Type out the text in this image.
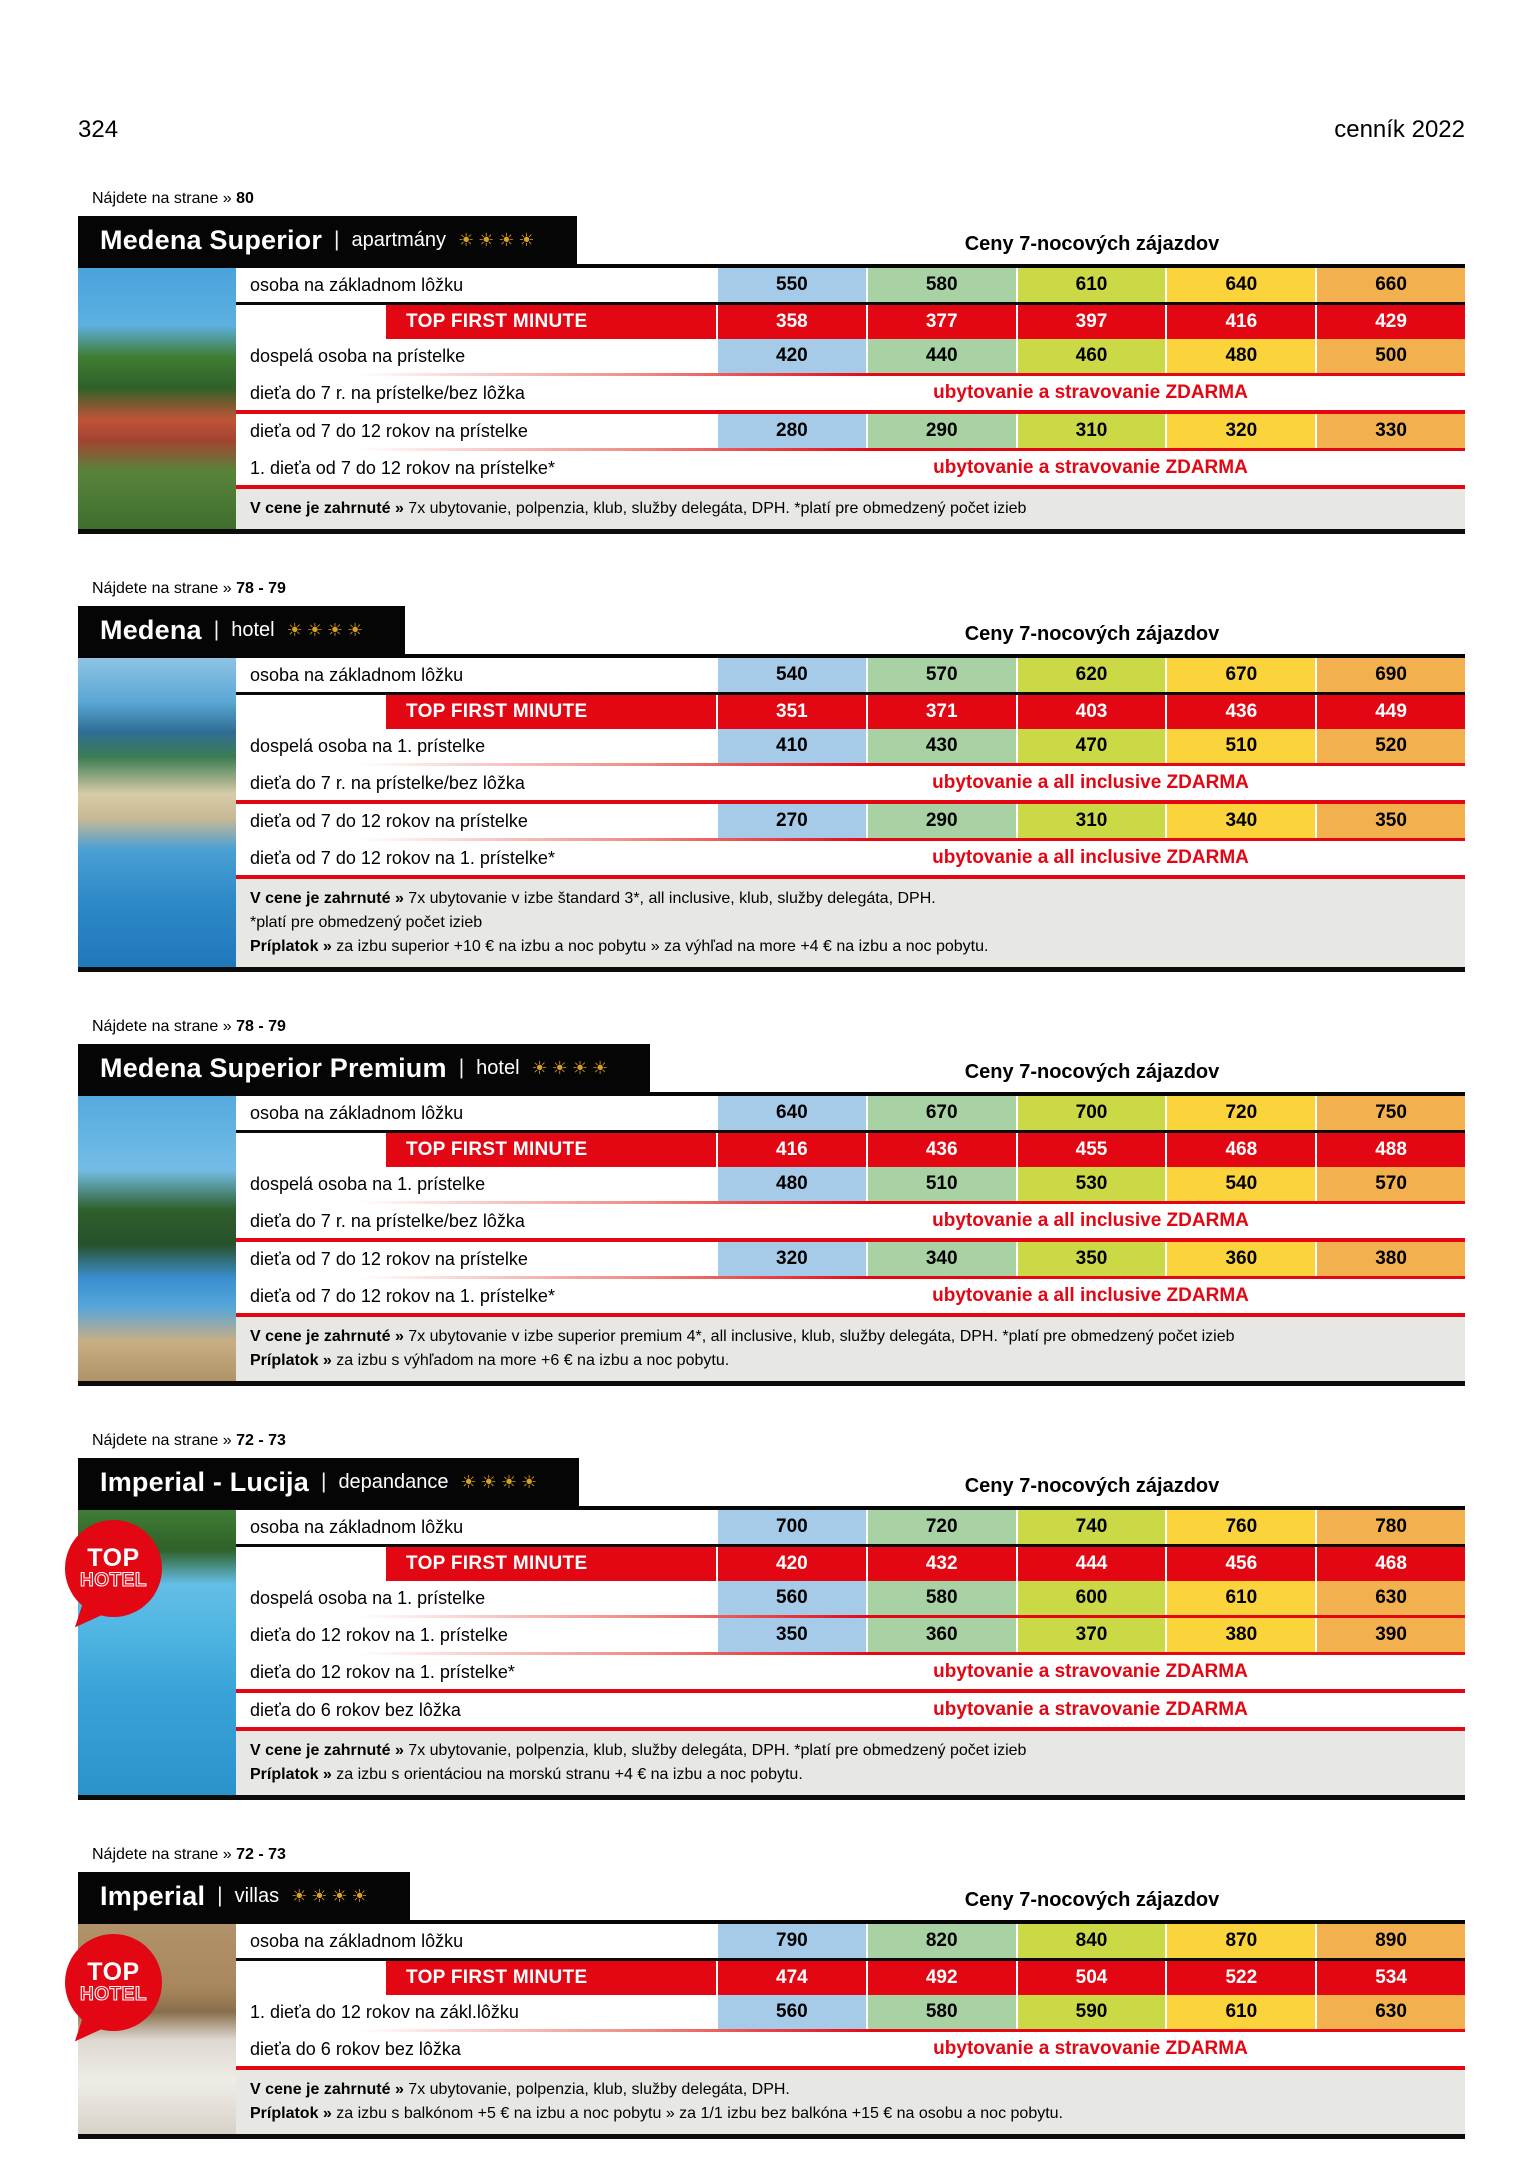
324	cenník 2022
Nájdete na strane » 80
Medena Superior | apartmány ☀☀☀☀	Ceny 7-nocových zájazdov
osoba na základnom lôžku	550	580	610	640	660
TOP FIRST MINUTE	358	377	397	416	429
dospelá osoba na prístelke	420	440	460	480	500
dieťa do 7 r. na prístelke/bez lôžka	ubytovanie a stravovanie ZDARMA
dieťa od 7 do 12 rokov na prístelke	280	290	310	320	330
1. dieťa od 7 do 12 rokov na prístelke*	ubytovanie a stravovanie ZDARMA
V cene je zahrnuté » 7x ubytovanie, polpenzia, klub, služby delegáta, DPH. *platí pre obmedzený počet izieb
Nájdete na strane » 78 - 79
Medena | hotel ☀☀☀☀	Ceny 7-nocových zájazdov
osoba na základnom lôžku	540	570	620	670	690
TOP FIRST MINUTE	351	371	403	436	449
dospelá osoba na 1. prístelke	410	430	470	510	520
dieťa do 7 r. na prístelke/bez lôžka	ubytovanie a all inclusive ZDARMA
dieťa od 7 do 12 rokov na prístelke	270	290	310	340	350
dieťa od 7 do 12 rokov na 1. prístelke*	ubytovanie a all inclusive ZDARMA
V cene je zahrnuté » 7x ubytovanie v izbe štandard 3*, all inclusive, klub, služby delegáta, DPH.
*platí pre obmedzený počet izieb
Príplatok » za izbu superior +10 € na izbu a noc pobytu » za výhľad na more +4 € na izbu a noc pobytu.
Nájdete na strane » 78 - 79
Medena Superior Premium | hotel ☀☀☀☀	Ceny 7-nocových zájazdov
osoba na základnom lôžku	640	670	700	720	750
TOP FIRST MINUTE	416	436	455	468	488
dospelá osoba na 1. prístelke	480	510	530	540	570
dieťa do 7 r. na prístelke/bez lôžka	ubytovanie a all inclusive ZDARMA
dieťa od 7 do 12 rokov na prístelke	320	340	350	360	380
dieťa od 7 do 12 rokov na 1. prístelke*	ubytovanie a all inclusive ZDARMA
V cene je zahrnuté » 7x ubytovanie v izbe superior premium 4*, all inclusive, klub, služby delegáta, DPH. *platí pre obmedzený počet izieb
Príplatok » za izbu s výhľadom na more +6 € na izbu a noc pobytu.
Nájdete na strane » 72 - 73
Imperial - Lucija | depandance ☀☀☀☀	Ceny 7-nocových zájazdov
TOP
HOTEL
osoba na základnom lôžku	700	720	740	760	780
TOP FIRST MINUTE	420	432	444	456	468
dospelá osoba na 1. prístelke	560	580	600	610	630
dieťa do 12 rokov na 1. prístelke	350	360	370	380	390
dieťa do 12 rokov na 1. prístelke*	ubytovanie a stravovanie ZDARMA
dieťa do 6 rokov bez lôžka	ubytovanie a stravovanie ZDARMA
V cene je zahrnuté » 7x ubytovanie, polpenzia, klub, služby delegáta, DPH. *platí pre obmedzený počet izieb
Príplatok » za izbu s orientáciou na morskú stranu +4 € na izbu a noc pobytu.
Nájdete na strane » 72 - 73
Imperial | villas ☀☀☀☀	Ceny 7-nocových zájazdov
TOP
HOTEL
osoba na základnom lôžku	790	820	840	870	890
TOP FIRST MINUTE	474	492	504	522	534
1. dieťa do 12 rokov na zákl.lôžku	560	580	590	610	630
dieťa do 6 rokov bez lôžka	ubytovanie a stravovanie ZDARMA
V cene je zahrnuté » 7x ubytovanie, polpenzia, klub, služby delegáta, DPH.
Príplatok » za izbu s balkónom +5 € na izbu a noc pobytu » za 1/1 izbu bez balkóna +15 € na osobu a noc pobytu.
